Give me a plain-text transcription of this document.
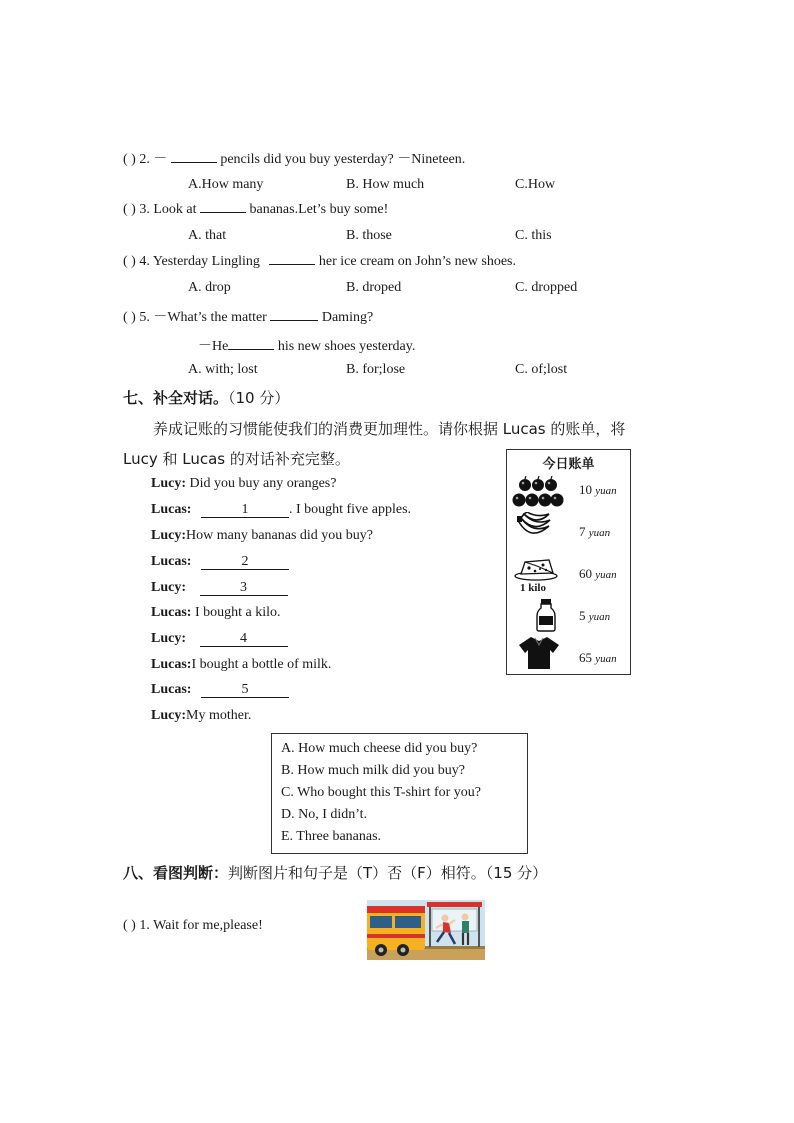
( ) 2. －	pencils did you buy yesterday? －Nineteen.
A.How many	B. How much	C.How
( ) 3. Look at	bananas.Let’s buy some!
A. that	B. those	C. this
( ) 4. Yesterday Lingling	her ice cream on John’s new shoes.
A. drop	B. droped	C. dropped
( ) 5. －What’s the matter	Daming?
－He	his new shoes yesterday.
A. with; lost	B. for;lose	C. of;lost
七、补全对话。（10 分）
养成记账的习惯能使我们的消费更加理性。请你根据 Lucas 的账单，将
Lucy 和 Lucas 的对话补充完整。
Lucy: Did you buy any oranges?
Lucas:	1	. I bought five apples.
Lucy:How many bananas did you buy?
Lucas:	2
Lucy:	3
Lucas: I bought a kilo.
Lucy:	4
Lucas:I bought a bottle of milk.
Lucas:	5
Lucy:My mother.
今日账单
10 yuan
7 yuan
1 kilo
60 yuan
5 yuan
65 yuan
A. How much cheese did you buy?
B. How much milk did you buy?
C. Who bought this T-shirt for you?
D. No, I didn’t.
E. Three bananas.
八、看图判断：判断图片和句子是（T）否（F）相符。（15 分）
( ) 1. Wait for me,please!
